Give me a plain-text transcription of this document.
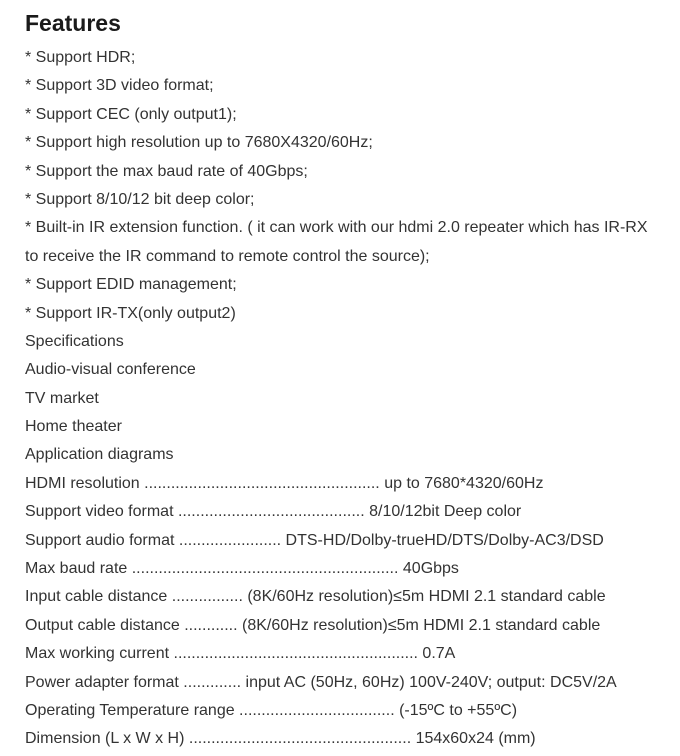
Features
* Support HDR;
* Support 3D video format;
* Support CEC (only output1);
* Support high resolution up to 7680X4320/60Hz;
* Support the max baud rate of 40Gbps;
* Support 8/10/12 bit deep color;
* Built-in IR extension function. ( it can work with our hdmi 2.0 repeater which has IR-RX
to receive the IR command to remote control the source);
* Support EDID management;
* Support IR-TX(only output2)
Specifications
Audio-visual conference
TV market
Home theater
Application diagrams
HDMI resolution ..................................................... up to 7680*4320/60Hz
Support video format .......................................... 8/10/12bit Deep color
Support audio format ....................... DTS-HD/Dolby-trueHD/DTS/Dolby-AC3/DSD
Max baud rate ............................................................ 40Gbps
Input cable distance ................ (8K/60Hz resolution)≤5m HDMI 2.1 standard cable
Output cable distance ............ (8K/60Hz resolution)≤5m HDMI 2.1 standard cable
Max working current ....................................................... 0.7A
Power adapter format ............. input AC (50Hz, 60Hz) 100V-240V; output: DC5V/2A
Operating Temperature range ................................... (-15ºC to +55ºC)
Dimension (L x W x H) .................................................. 154x60x24 (mm)
